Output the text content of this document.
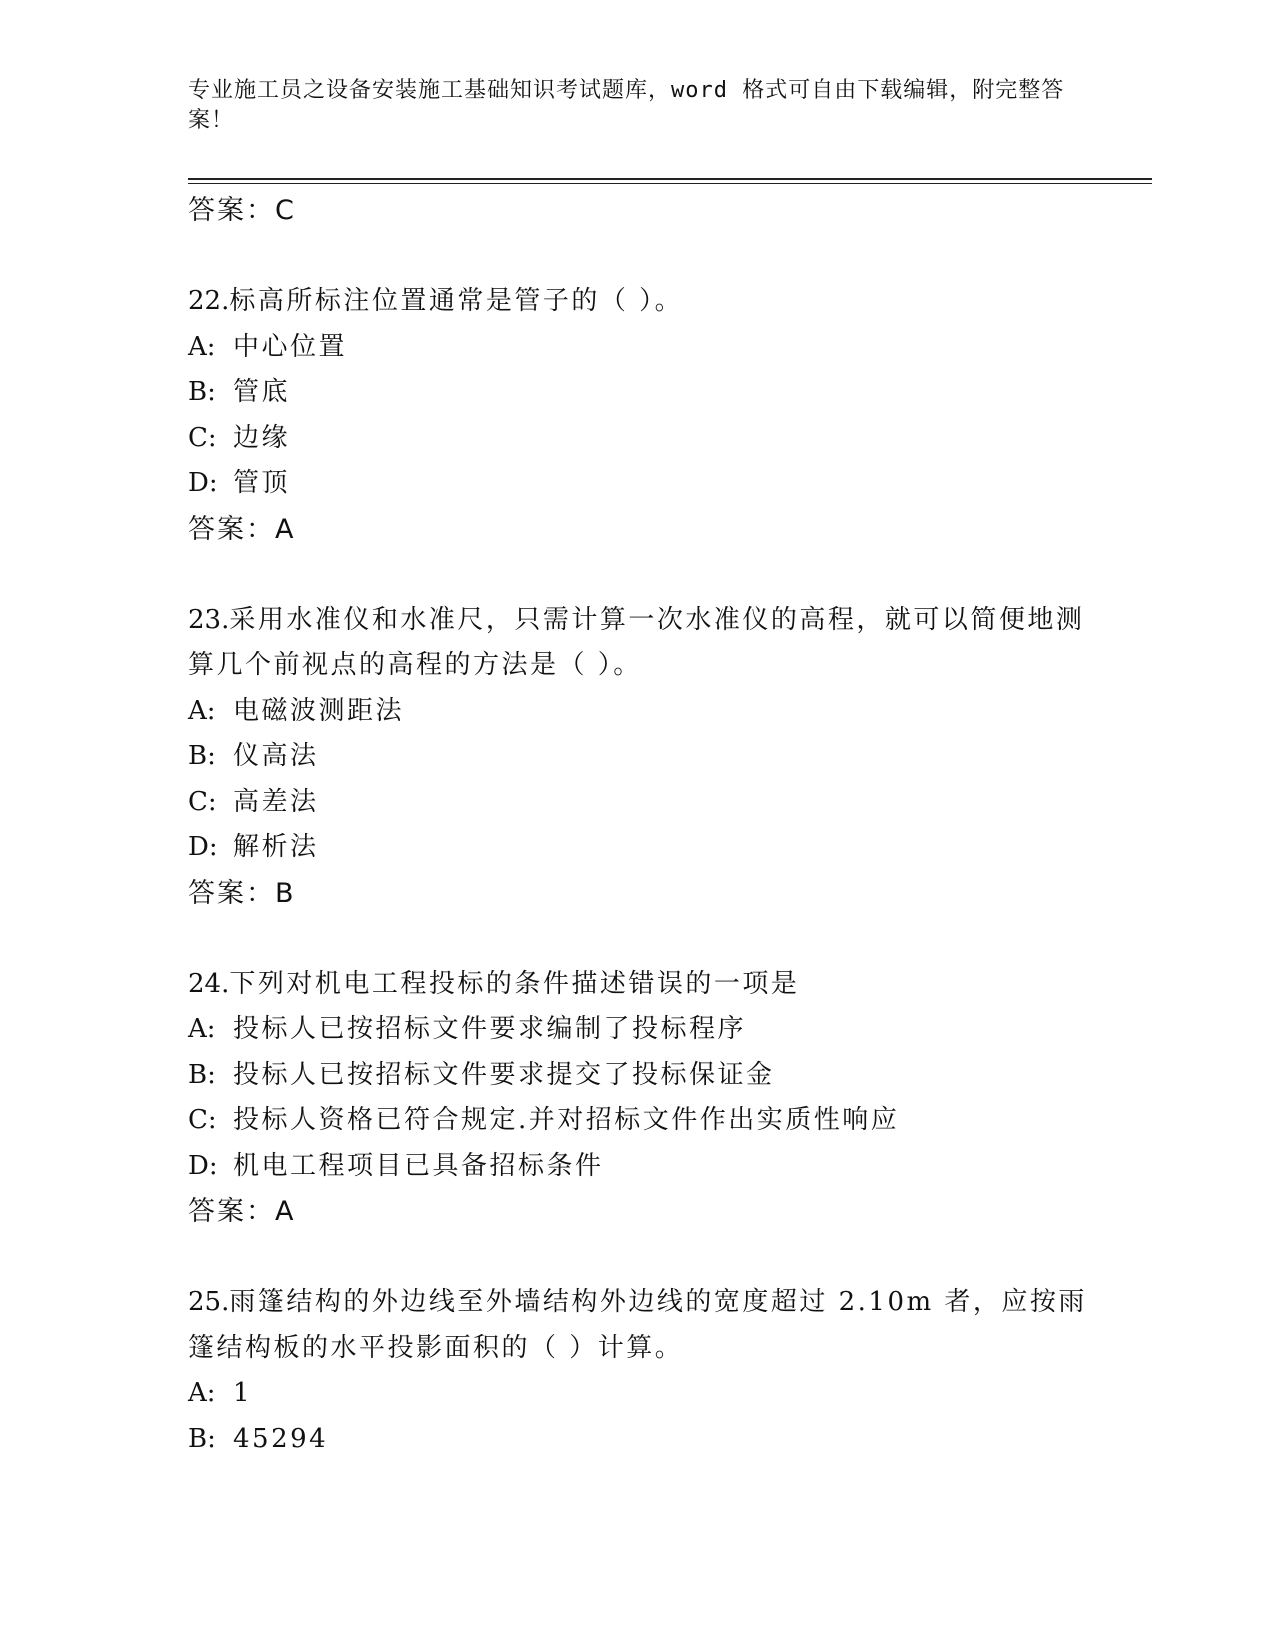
专业施工员之设备安装施工基础知识考试题库，word 格式可自由下载编辑，附完整答案！
答案：C
22.标高所标注位置通常是管子的（ ）。
A: 中心位置
B: 管底
C: 边缘
D: 管顶
答案：A
23.采用水准仪和水准尺，只需计算一次水准仪的高程，就可以简便地测算几个前视点的高程的方法是（ ）。
A: 电磁波测距法
B: 仪高法
C: 高差法
D: 解析法
答案：B
24.下列对机电工程投标的条件描述错误的一项是
A: 投标人已按招标文件要求编制了投标程序
B: 投标人已按招标文件要求提交了投标保证金
C: 投标人资格已符合规定.并对招标文件作出实质性响应
D: 机电工程项目已具备招标条件
答案：A
25.雨篷结构的外边线至外墙结构外边线的宽度超过 2.10m 者，应按雨篷结构板的水平投影面积的（ ）计算。
A: 1
B: 45294
